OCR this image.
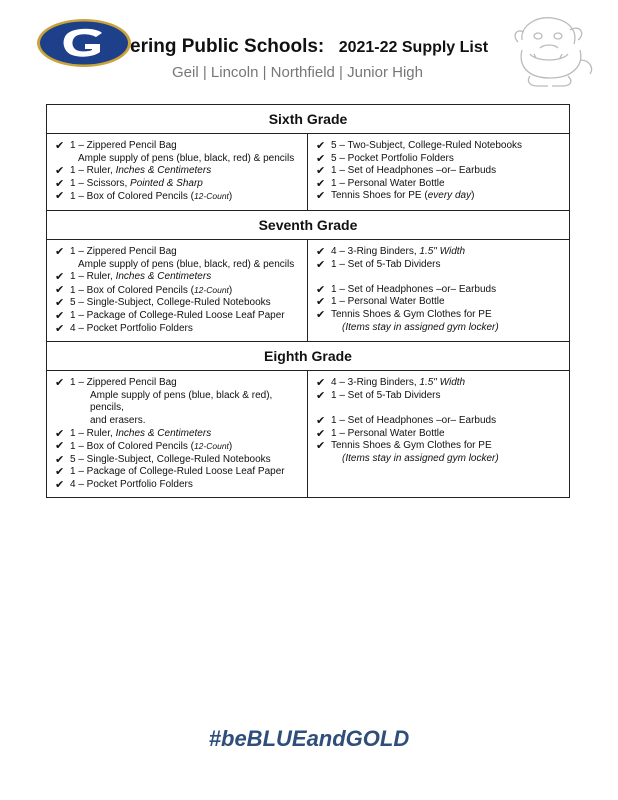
G
ering Public Schools: 2021-22 Supply List
Geil | Lincoln | Northfield | Junior High
Sixth Grade
✔ 1 – Zippered Pencil Bag
Ample supply of pens (blue, black, red) & pencils
✔ 1 – Ruler, Inches & Centimeters
✔ 1 – Scissors, Pointed & Sharp
✔ 1 – Box of Colored Pencils (12-Count)
✔ 5 – Two-Subject, College-Ruled Notebooks
✔ 5 – Pocket Portfolio Folders
✔ 1 – Set of Headphones –or– Earbuds
✔ 1 – Personal Water Bottle
✔ Tennis Shoes for PE (every day)
Seventh Grade
✔ 1 – Zippered Pencil Bag
Ample supply of pens (blue, black, red) & pencils
✔ 1 – Ruler, Inches & Centimeters
✔ 1 – Box of Colored Pencils (12-Count)
✔ 5 – Single-Subject, College-Ruled Notebooks
✔ 1 – Package of College-Ruled Loose Leaf Paper
✔ 4 – Pocket Portfolio Folders
✔ 4 – 3-Ring Binders, 1.5" Width
✔ 1 – Set of 5-Tab Dividers
✔ 1 – Set of Headphones –or– Earbuds
✔ 1 – Personal Water Bottle
✔ Tennis Shoes & Gym Clothes for PE
(Items stay in assigned gym locker)
Eighth Grade
✔ 1 – Zippered Pencil Bag
Ample supply of pens (blue, black & red), pencils,
and erasers.
✔ 1 – Ruler, Inches & Centimeters
✔ 1 – Box of Colored Pencils (12-Count)
✔ 5 – Single-Subject, College-Ruled Notebooks
✔ 1 – Package of College-Ruled Loose Leaf Paper
✔ 4 – Pocket Portfolio Folders
✔ 4 – 3-Ring Binders, 1.5" Width
✔ 1 – Set of 5-Tab Dividers
✔ 1 – Set of Headphones –or– Earbuds
✔ 1 – Personal Water Bottle
✔ Tennis Shoes & Gym Clothes for PE
(Items stay in assigned gym locker)
#beBLUEandGOLD
